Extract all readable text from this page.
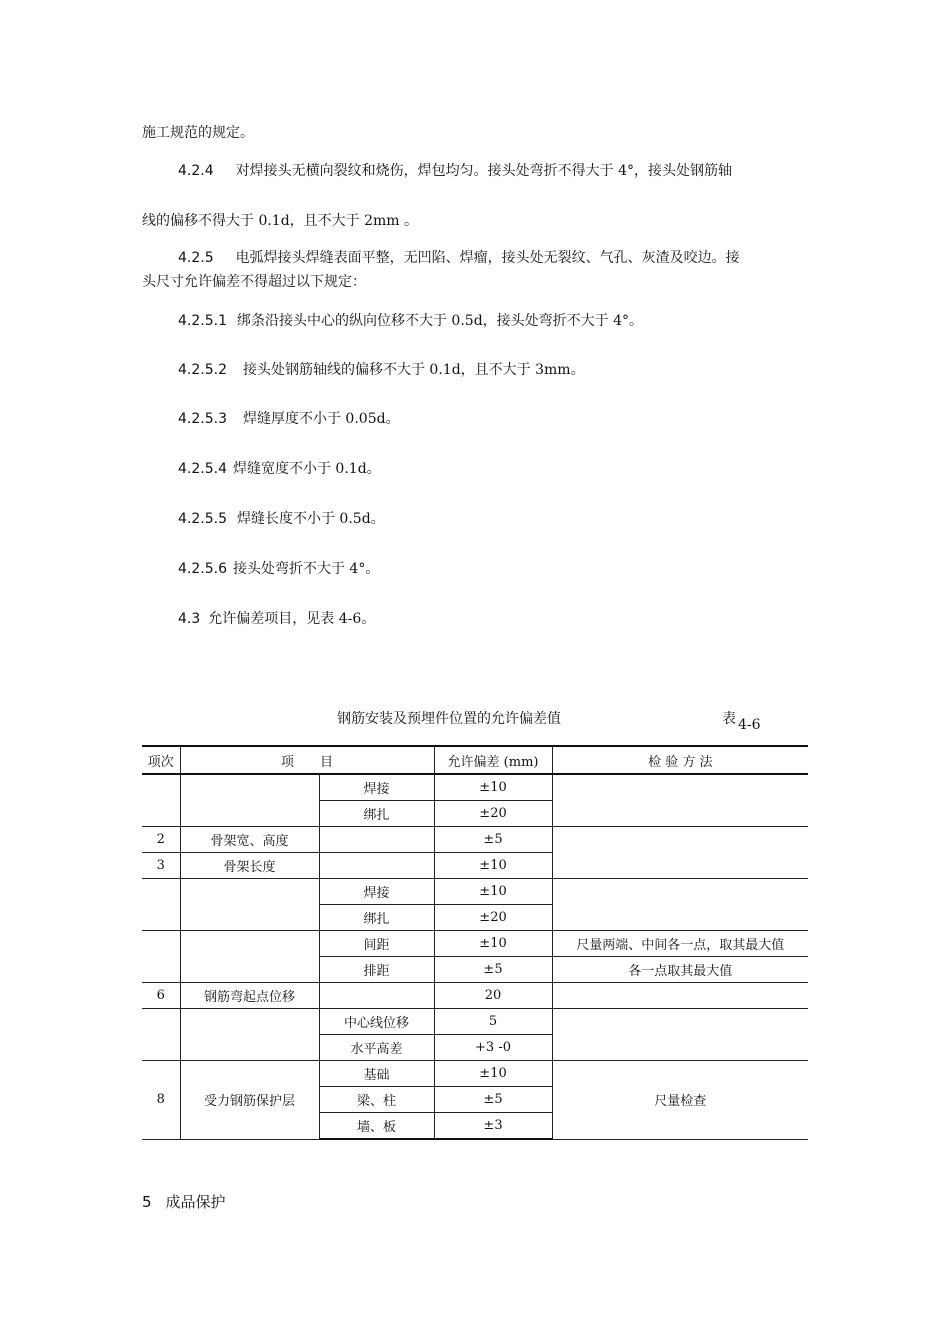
施工规范的规定。
4.2.4 对焊接头无横向裂纹和烧伤，焊包均匀。接头处弯折不得大于 4°，接头处钢筋轴
线的偏移不得大于 0.1d，且不大于 2mm 。
4.2.5 电弧焊接头焊缝表面平整，无凹陷、焊瘤，接头处无裂纹、气孔、灰渣及咬边。接
头尺寸允许偏差不得超过以下规定：
4.2.5.1 绑条沿接头中心的纵向位移不大于 0.5d，接头处弯折不大于 4°。
4.2.5.2 接头处钢筋轴线的偏移不大于 0.1d，且不大于 3mm。
4.2.5.3 焊缝厚度不小于 0.05d。
4.2.5.4 焊缝宽度不小于 0.1d。
4.2.5.5 焊缝长度不小于 0.5d。
4.2.5.6 接头处弯折不大于 4°。
4.3 允许偏差项目，见表 4-6。
钢筋安装及预埋件位置的允许偏差值	表 4-6
项次	项　　目		允许偏差 (mm)	检 验 方 法
		焊接	±10	
		绑扎	±20	
2	骨架宽、高度		±5	
3	骨架长度		±10	
		焊接	±10	
		绑扎	±20	
		间距	±10	尺量两端、中间各一点，取其最大值
		排距	±5	各一点取其最大值
6	钢筋弯起点位移		20	
		中心线位移	5	
		水平高差	+3 -0	
8	受力钢筋保护层	基础	±10	尺量检查
		梁、柱	±5	
		墙、板	±3	
5 成品保护
